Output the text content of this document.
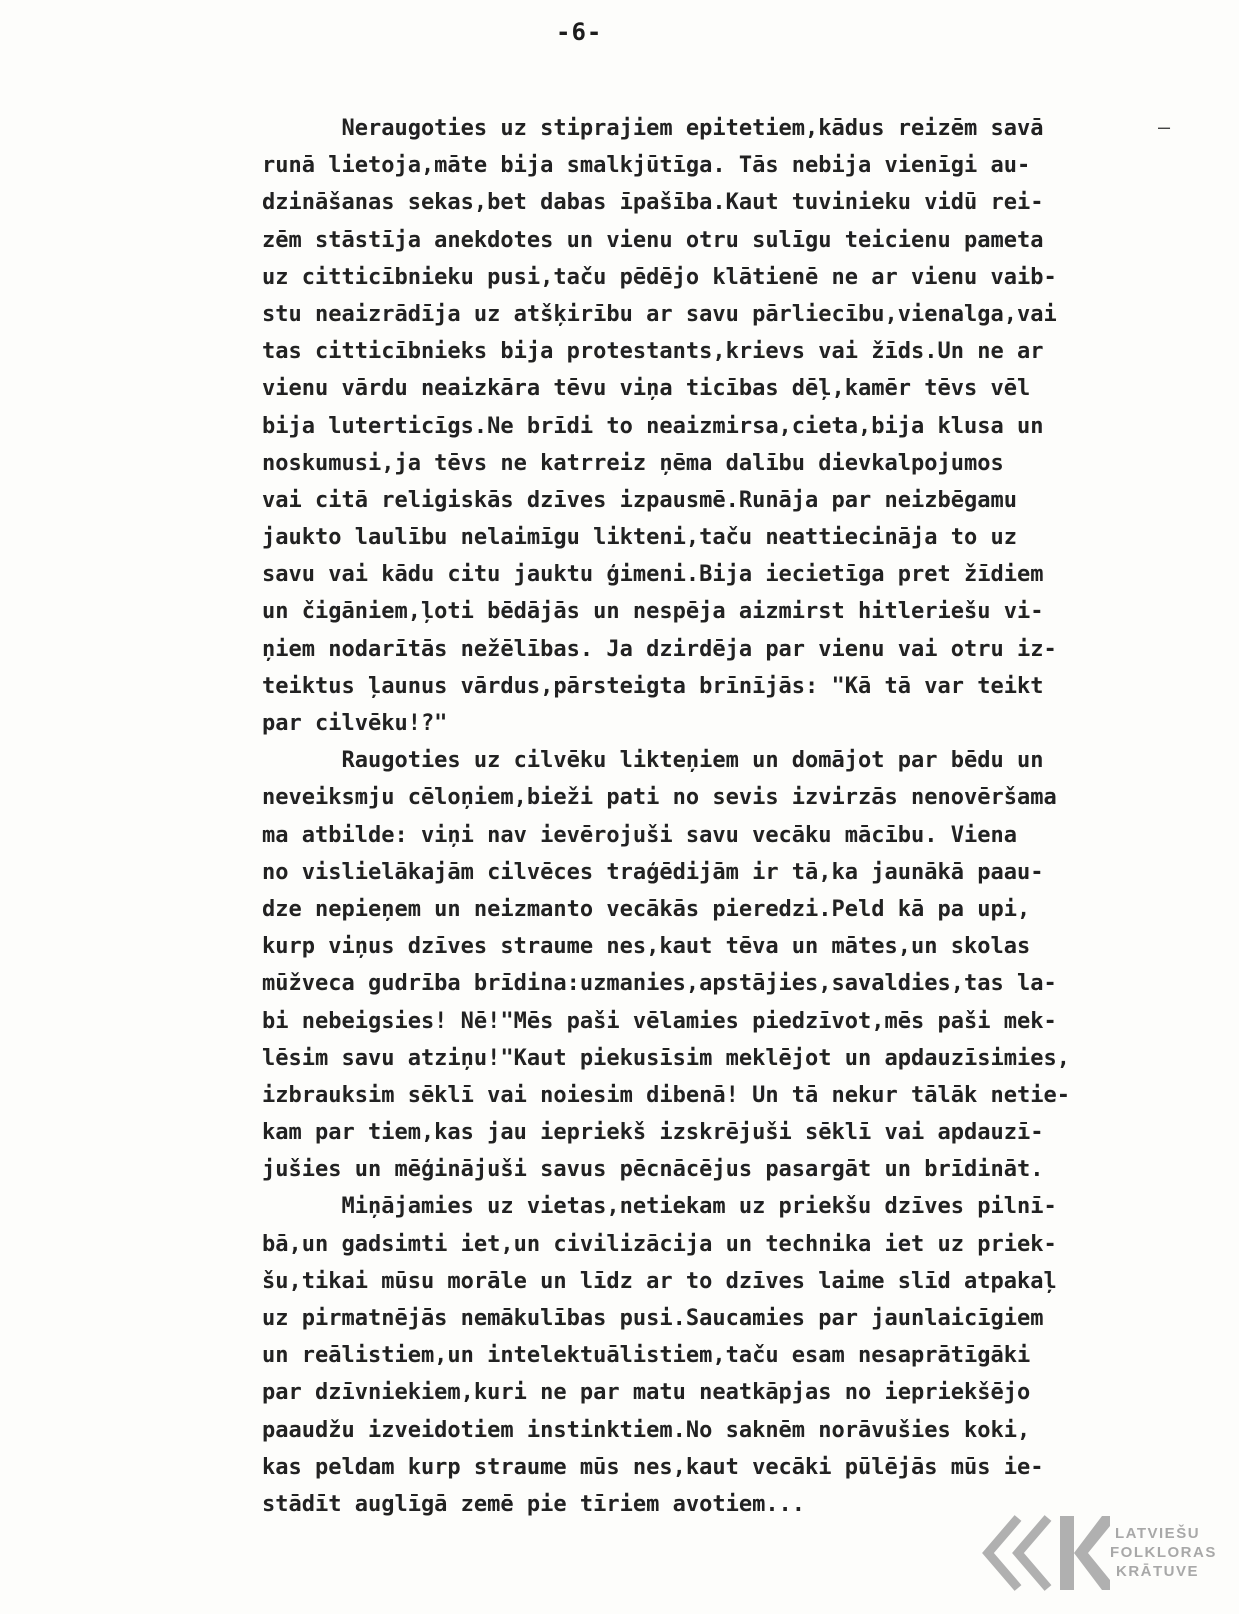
-6-
—
Neraugoties uz stiprajiem epitetiem,kādus reizēm savā
runā lietoja,māte bija smalkjūtīga. Tās nebija vienīgi au-
dzināšanas sekas,bet dabas īpašība.Kaut tuvinieku vidū rei-
zēm stāstīja anekdotes un vienu otru sulīgu teicienu pameta
uz citticībnieku pusi,taču pēdējo klātienē ne ar vienu vaib-
stu neaizrādīja uz atšķirību ar savu pārliecību,vienalga,vai
tas citticībnieks bija protestants,krievs vai žīds.Un ne ar
vienu vārdu neaizkāra tēvu viņa ticības dēļ,kamēr tēvs vēl
bija luterticīgs.Ne brīdi to neaizmirsa,cieta,bija klusa un
noskumusi,ja tēvs ne katrreiz ņēma dalību dievkalpojumos
vai citā religiskās dzīves izpausmē.Runāja par neizbēgamu
jaukto laulību nelaimīgu likteni,taču neattiecināja to uz
savu vai kādu citu jauktu ģimeni.Bija iecietīga pret žīdiem
un čigāniem,ļoti bēdājās un nespēja aizmirst hitleriešu vi-
ņiem nodarītās nežēlības. Ja dzirdēja par vienu vai otru iz-
teiktus ļaunus vārdus,pārsteigta brīnījās: "Kā tā var teikt
par cilvēku!?"
Raugoties uz cilvēku likteņiem un domājot par bēdu un
neveiksmju cēloņiem,bieži pati no sevis izvirzās nenovēršama
ma atbilde: viņi nav ievērojuši savu vecāku mācību. Viena
no vislielākajām cilvēces traģēdijām ir tā,ka jaunākā paau-
dze nepieņem un neizmanto vecākās pieredzi.Peld kā pa upi,
kurp viņus dzīves straume nes,kaut tēva un mātes,un skolas
mūžveca gudrība brīdina:uzmanies,apstājies,savaldies,tas la-
bi nebeigsies! Nē!"Mēs paši vēlamies piedzīvot,mēs paši mek-
lēsim savu atziņu!"Kaut piekusīsim meklējot un apdauzīsimies,
izbrauksim sēklī vai noiesim dibenā! Un tā nekur tālāk netie-
kam par tiem,kas jau iepriekš izskrējuši sēklī vai apdauzī-
jušies un mēģinājuši savus pēcnācējus pasargāt un brīdināt.
Miņājamies uz vietas,netiekam uz priekšu dzīves pilnī-
bā,un gadsimti iet,un civilizācija un technika iet uz priek-
šu,tikai mūsu morāle un līdz ar to dzīves laime slīd atpakaļ
uz pirmatnējās nemākulības pusi.Saucamies par jaunlaicīgiem
un reālistiem,un intelektuālistiem,taču esam nesaprātīgāki
par dzīvniekiem,kuri ne par matu neatkāpjas no iepriekšējo
paaudžu izveidotiem instinktiem.No saknēm norāvušies koki,
kas peldam kurp straume mūs nes,kaut vecāki pūlējās mūs ie-
stādīt auglīgā zemē pie tīriem avotiem...
LATVIEŠU
FOLKLORAS
KRĀTUVE
